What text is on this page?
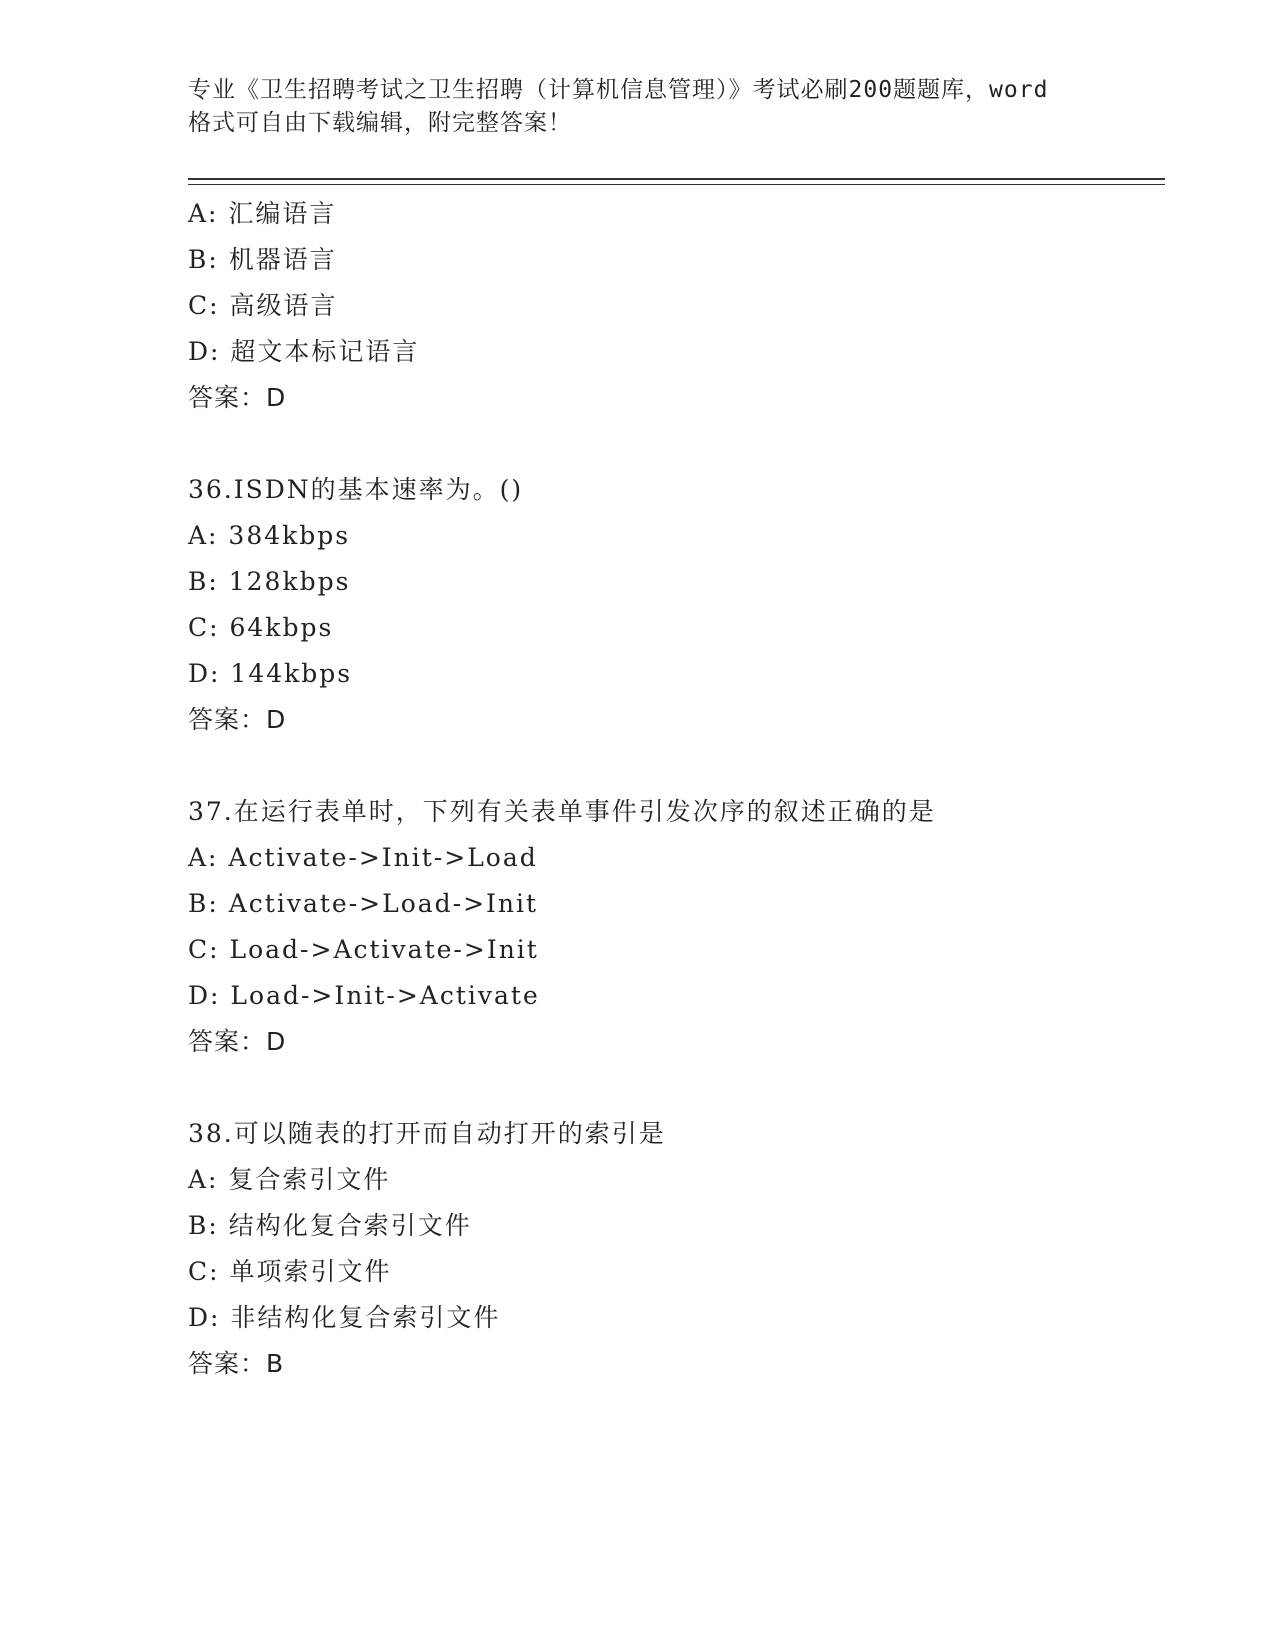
专业《卫生招聘考试之卫生招聘（计算机信息管理）》考试必刷200题题库，word
格式可自由下载编辑，附完整答案！
A: 汇编语言
B: 机器语言
C: 高级语言
D: 超文本标记语言
答案：D
36.ISDN的基本速率为。()
A: 384kbps
B: 128kbps
C: 64kbps
D: 144kbps
答案：D
37.在运行表单时，下列有关表单事件引发次序的叙述正确的是
A: Activate->Init->Load
B: Activate->Load->Init
C: Load->Activate->Init
D: Load->Init->Activate
答案：D
38.可以随表的打开而自动打开的索引是
A: 复合索引文件
B: 结构化复合索引文件
C: 单项索引文件
D: 非结构化复合索引文件
答案：B
